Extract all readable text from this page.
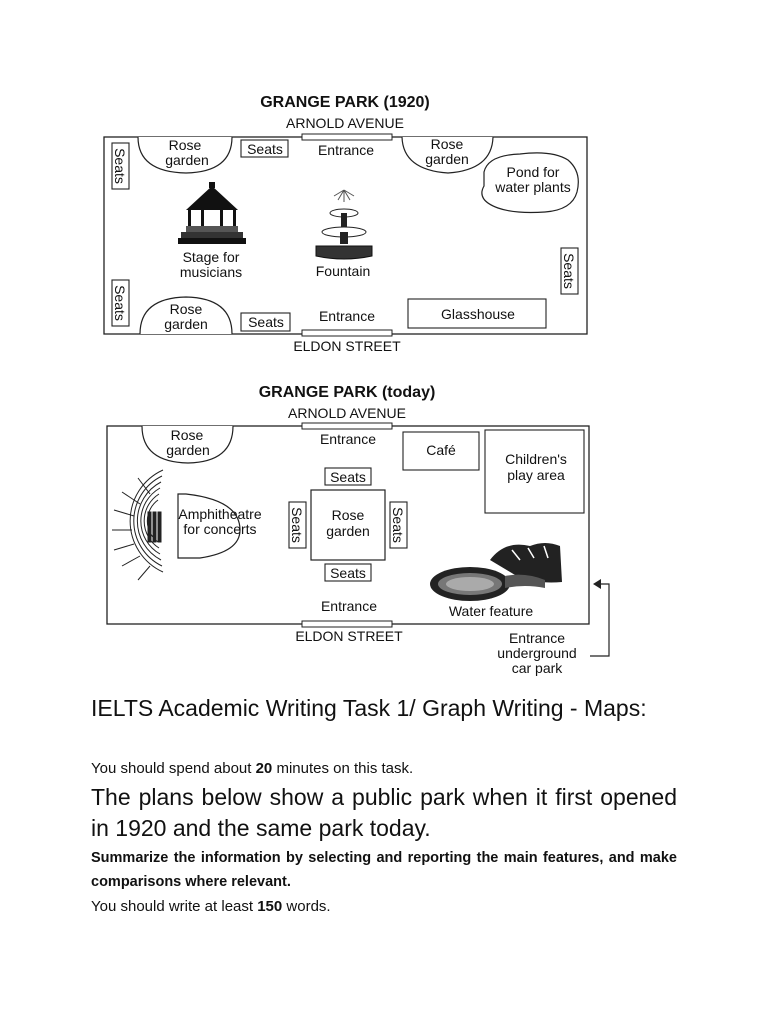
GRANGE PARK (1920)
ARNOLD AVENUE
Entrance
Rose
garden
Seats	Rose
garden
Pond for
water plants
Seats
Seats
Seats
Stage for
musicians	Fountain
Rose
garden	Seats	Entrance	Glasshouse
ELDON STREET
GRANGE PARK (today)
ARNOLD AVENUE
Entrance
Rose
garden	Café
Children's
play area
Amphitheatre
for concerts
Seats
Rose
garden
Seats	Seats
Seats
Water feature
Entrance
ELDON STREET	Entrance
underground
car park
IELTS Academic Writing Task 1/ Graph Writing - Maps:

You should spend about 20 minutes on this task.

The plans below show a public park when it first opened in 1920 and the same park today.

Summarize the information by selecting and reporting the main features, and make comparisons where relevant.

You should write at least 150 words.
